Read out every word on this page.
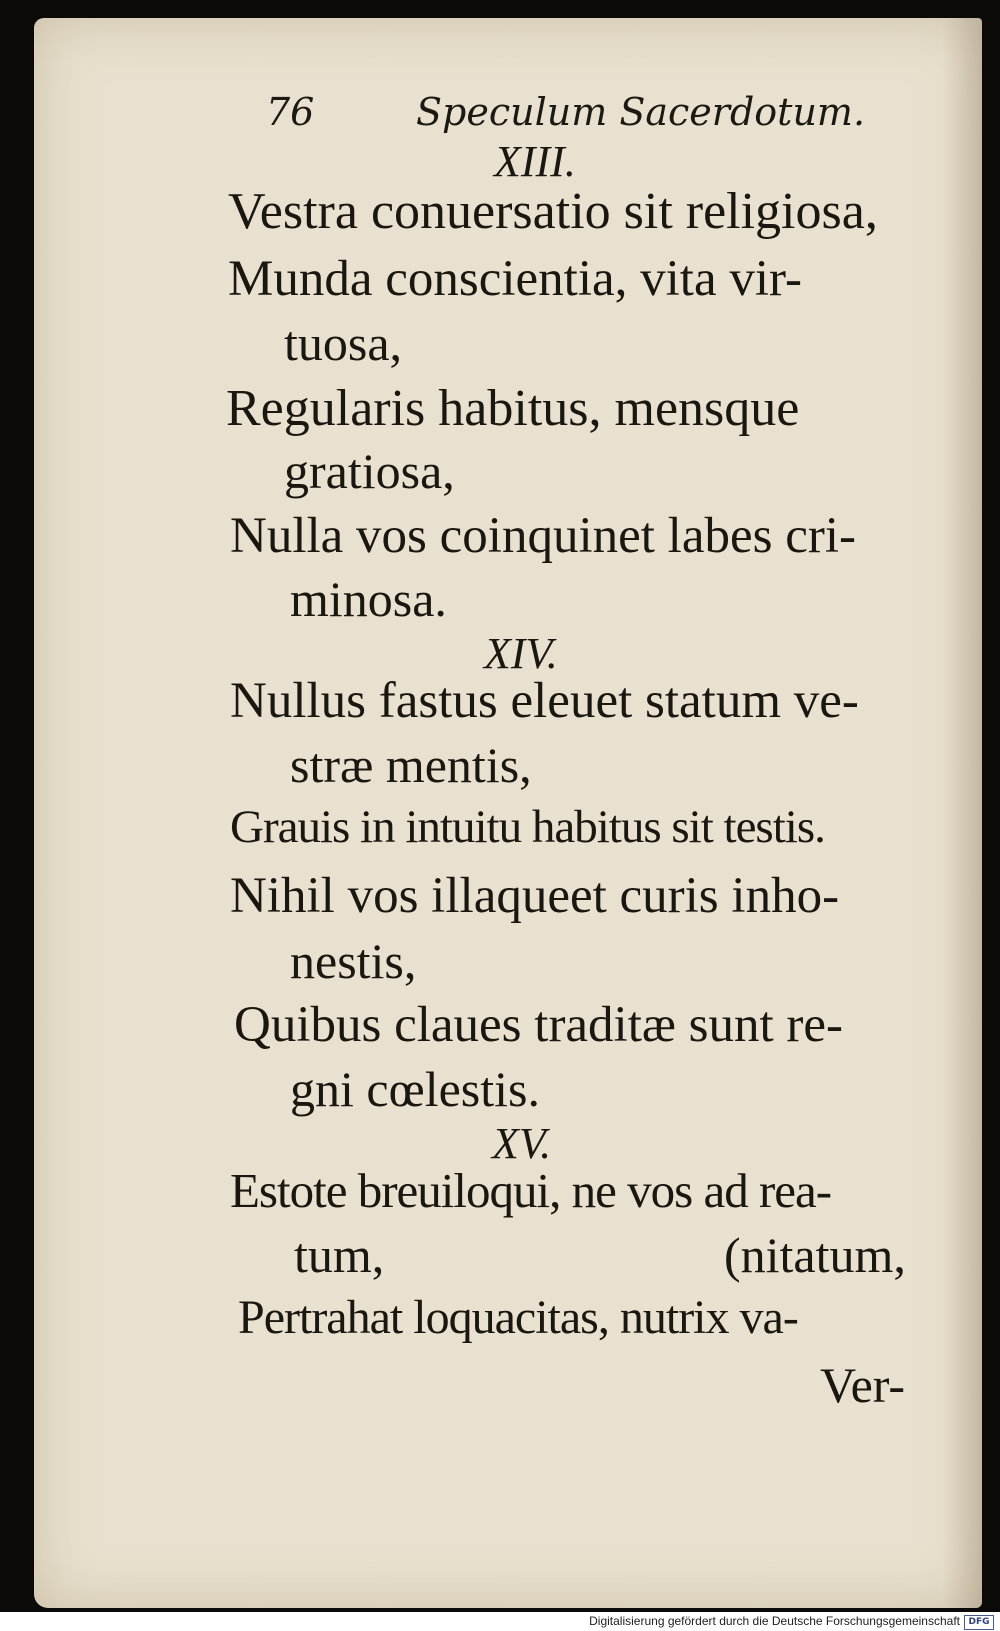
76	Speculum Sacerdotum.
XIII.
Vestra conuersatio sit religiosa,
Munda conscientia, vita vir-
tuosa,
Regularis habitus, mensque
gratiosa,
Nulla vos coinquinet labes cri-
minosa.
XIV.
Nullus fastus eleuet statum ve-
stræ mentis,
Grauis in intuitu habitus sit testis.
Nihil vos illaqueet curis inho-
nestis,
Quibus claues traditæ sunt re-
gni cœlestis.
XV.
Estote breuiloqui, ne vos ad rea-
tum,	(nitatum,
Pertrahat loquacitas, nutrix va-
Ver-
Digitalisierung gefördert durch die Deutsche Forschungsgemeinschaft DFG
